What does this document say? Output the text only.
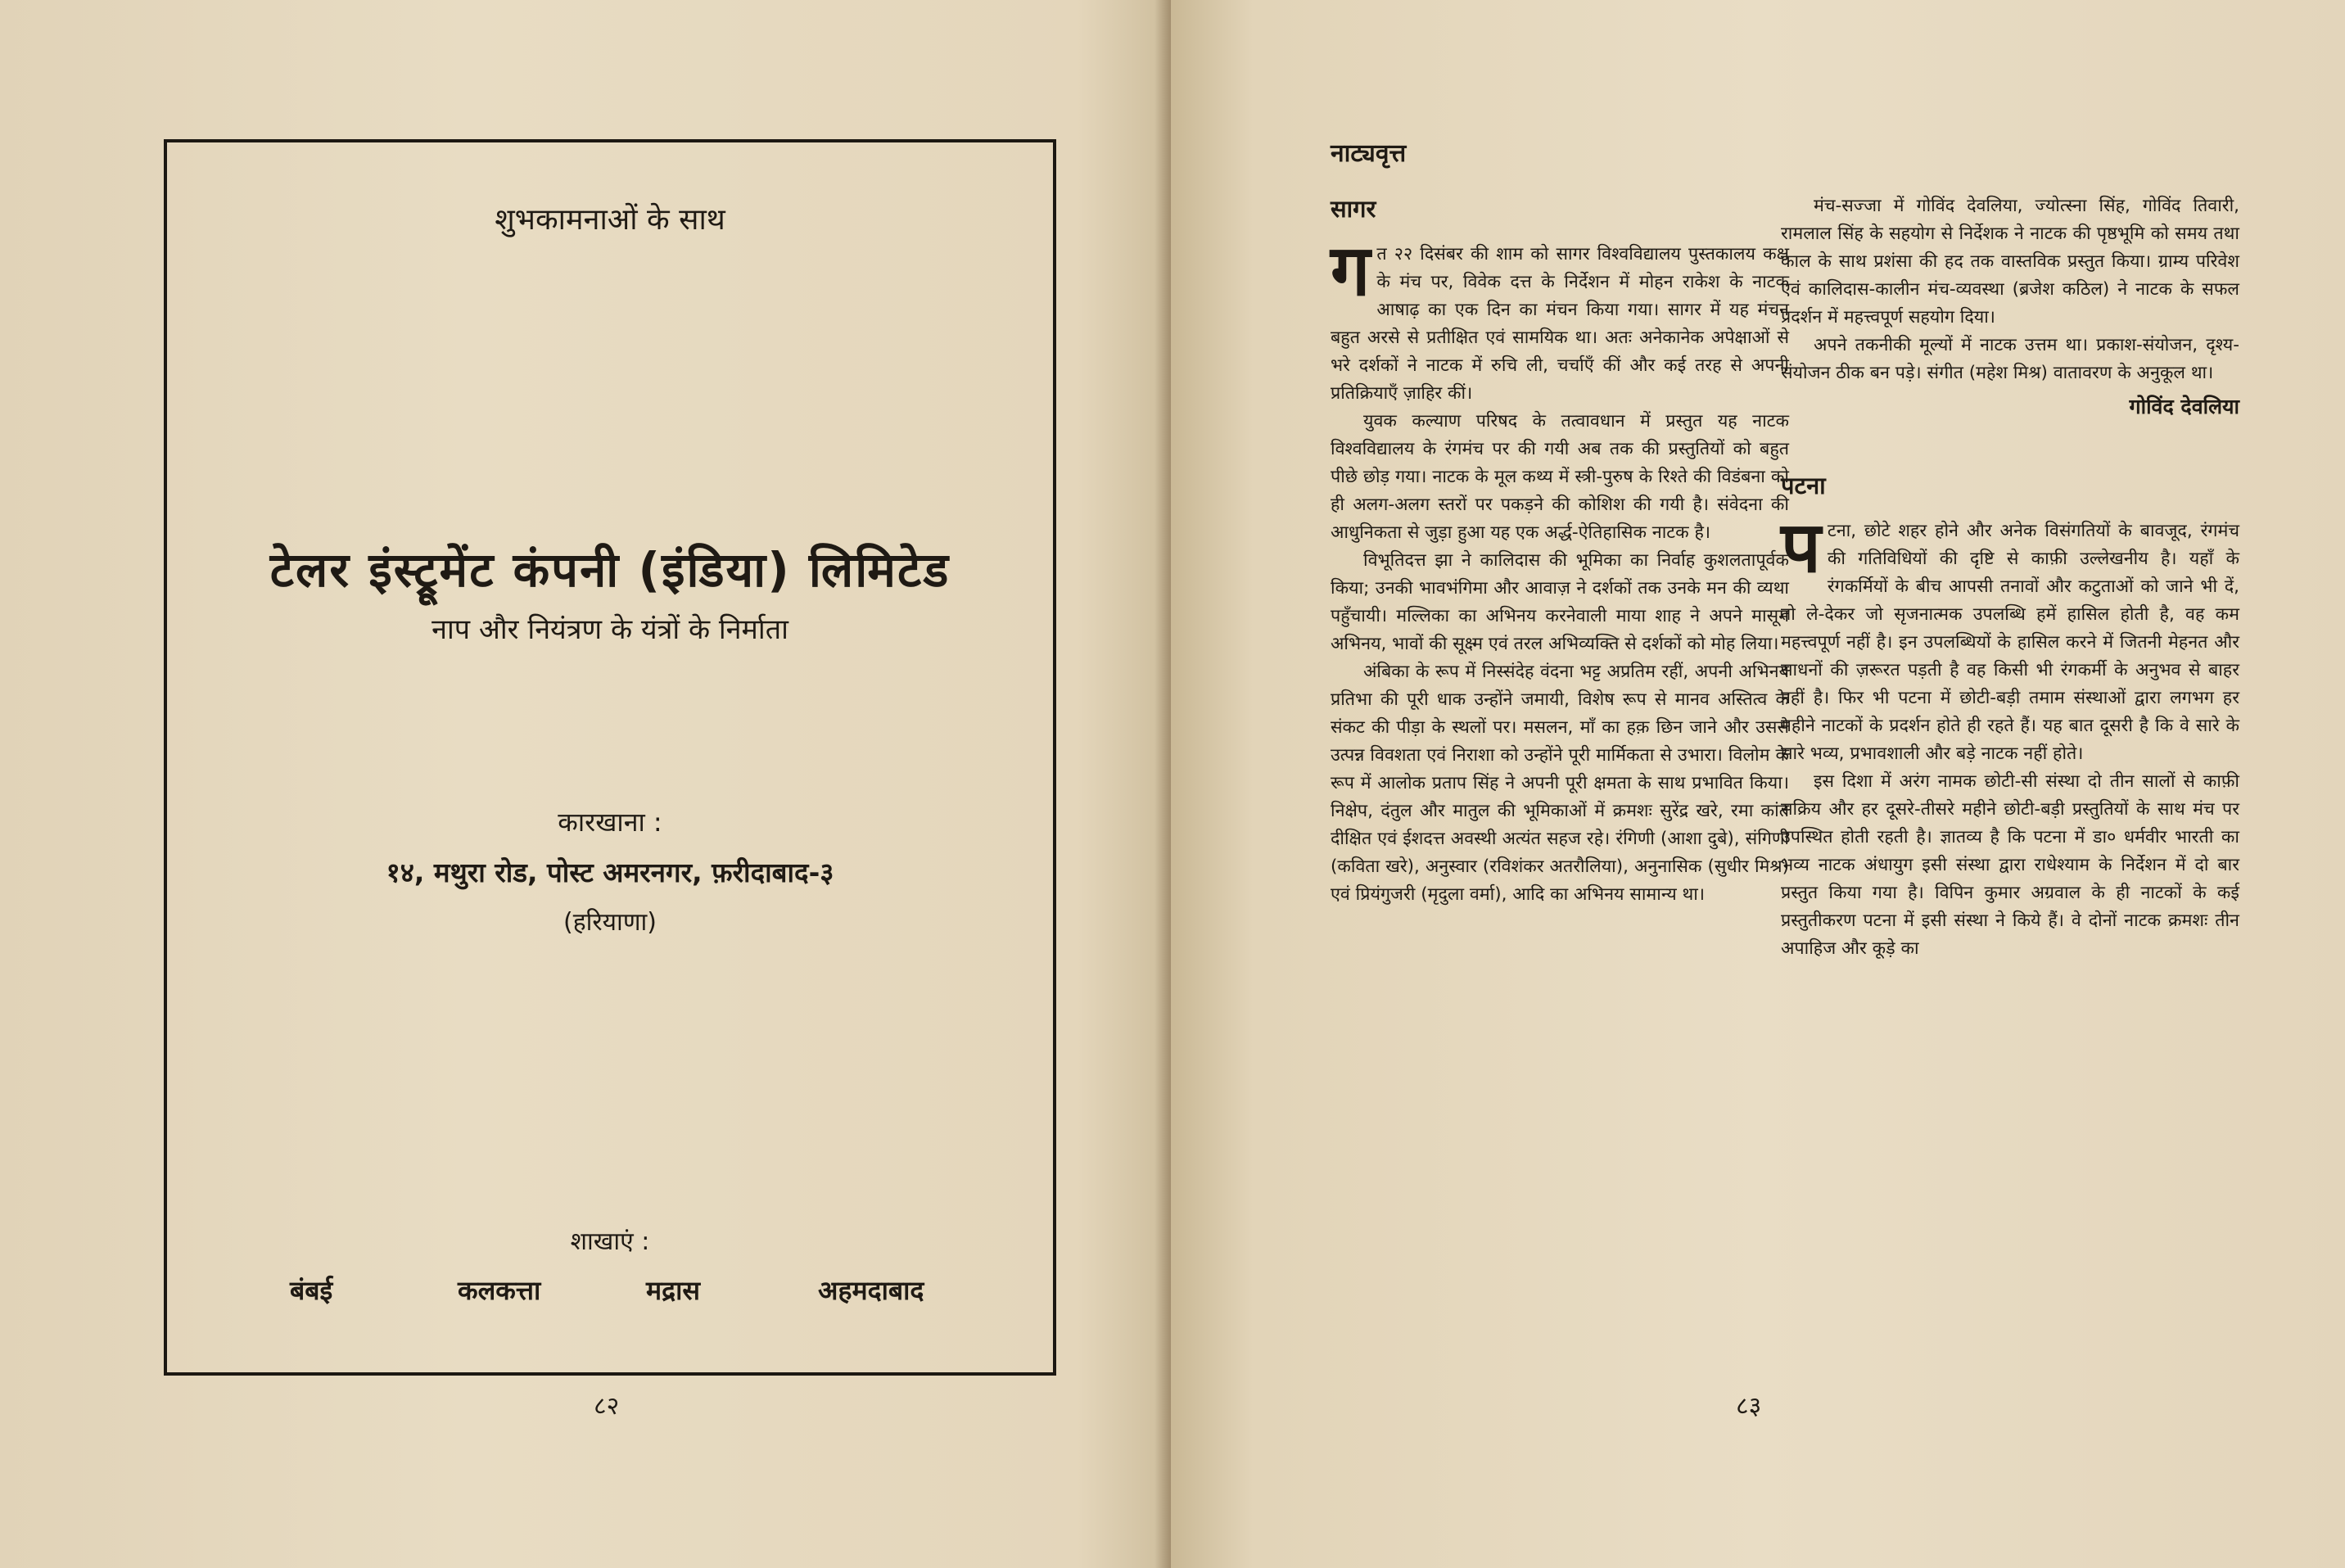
शुभकामनाओं के साथ
टेलर इंस्ट्रूमेंट कंपनी (इंडिया) लिमिटेड
नाप और नियंत्रण के यंत्रों के निर्माता
कारखाना :
१४, मथुरा रोड, पोस्ट अमरनगर, फ़रीदाबाद-३
(हरियाणा)
शाखाएं :
बंबई	कलकत्ता	मद्रास	अहमदाबाद
८२
नाट्यवृत्त
सागर

गत २२ दिसंबर की शाम को सागर विश्वविद्यालय पुस्तकालय कक्ष के मंच पर, विवेक दत्त के निर्देशन में मोहन राकेश के नाटक आषाढ़ का एक दिन का मंचन किया गया। सागर में यह मंचन बहुत अरसे से प्रतीक्षित एवं सामयिक था। अतः अनेकानेक अपेक्षाओं से भरे दर्शकों ने नाटक में रुचि ली, चर्चाएँ कीं और कई तरह से अपनी प्रतिक्रियाएँ ज़ाहिर कीं।

युवक कल्याण परिषद के तत्वावधान में प्रस्तुत यह नाटक विश्वविद्यालय के रंगमंच पर की गयी अब तक की प्रस्तुतियों को बहुत पीछे छोड़ गया। नाटक के मूल कथ्य में स्त्री-पुरुष के रिश्ते की विडंबना को ही अलग-अलग स्तरों पर पकड़ने की कोशिश की गयी है। संवेदना की आधुनिकता से जुड़ा हुआ यह एक अर्द्ध-ऐतिहासिक नाटक है।

विभूतिदत्त झा ने कालिदास की भूमिका का निर्वाह कुशलतापूर्वक किया; उनकी भावभंगिमा और आवाज़ ने दर्शकों तक उनके मन की व्यथा पहुँचायी। मल्लिका का अभिनय करनेवाली माया शाह ने अपने मासूम अभिनय, भावों की सूक्ष्म एवं तरल अभिव्यक्ति से दर्शकों को मोह लिया।

अंबिका के रूप में निस्संदेह वंदना भट्ट अप्रतिम रहीं, अपनी अभिनय प्रतिभा की पूरी धाक उन्होंने जमायी, विशेष रूप से मानव अस्तित्व के संकट की पीड़ा के स्थलों पर। मसलन, माँ का हक़ छिन जाने और उससे उत्पन्न विवशता एवं निराशा को उन्होंने पूरी मार्मिकता से उभारा। विलोम के रूप में आलोक प्रताप सिंह ने अपनी पूरी क्षमता के साथ प्रभावित किया। निक्षेप, दंतुल और मातुल की भूमिकाओं में क्रमशः सुरेंद्र खरे, रमा कांत दीक्षित एवं ईशदत्त अवस्थी अत्यंत सहज रहे। रंगिणी (आशा दुबे), संगिणी (कविता खरे), अनुस्वार (रविशंकर अतरौलिया), अनुनासिक (सुधीर मिश्र) एवं प्रियंगुजरी (मृदुला वर्मा), आदि का अभिनय सामान्य था।

मंच-सज्जा में गोविंद देवलिया, ज्योत्स्ना सिंह, गोविंद तिवारी, रामलाल सिंह के सहयोग से निर्देशक ने नाटक की पृष्ठभूमि को समय तथा काल के साथ प्रशंसा की हद तक वास्तविक प्रस्तुत किया। ग्राम्य परिवेश एवं कालिदास-कालीन मंच-व्यवस्था (ब्रजेश कठिल) ने नाटक के सफल प्रदर्शन में महत्त्वपूर्ण सहयोग दिया।

अपने तकनीकी मूल्यों में नाटक उत्तम था। प्रकाश-संयोजन, दृश्य-संयोजन ठीक बन पड़े। संगीत (महेश मिश्र) वातावरण के अनुकूल था।

गोविंद देवलिया
पटना

पटना, छोटे शहर होने और अनेक विसंगतियों के बावजूद, रंगमंच की गतिविधियों की दृष्टि से काफ़ी उल्लेखनीय है। यहाँ के रंगकर्मियों के बीच आपसी तनावों और कटुताओं को जाने भी दें, तो ले-देकर जो सृजनात्मक उपलब्धि हमें हासिल होती है, वह कम महत्त्वपूर्ण नहीं है। इन उपलब्धियों के हासिल करने में जितनी मेहनत और साधनों की ज़रूरत पड़ती है वह किसी भी रंगकर्मी के अनुभव से बाहर नहीं है। फिर भी पटना में छोटी-बड़ी तमाम संस्थाओं द्वारा लगभग हर महीने नाटकों के प्रदर्शन होते ही रहते हैं। यह बात दूसरी है कि वे सारे के सारे भव्य, प्रभावशाली और बड़े नाटक नहीं होते।

इस दिशा में अरंग नामक छोटी-सी संस्था दो तीन सालों से काफ़ी सक्रिय और हर दूसरे-तीसरे महीने छोटी-बड़ी प्रस्तुतियों के साथ मंच पर उपस्थित होती रहती है। ज्ञातव्य है कि पटना में डा० धर्मवीर भारती का भव्य नाटक अंधायुग इसी संस्था द्वारा राधेश्याम के निर्देशन में दो बार प्रस्तुत किया गया है। विपिन कुमार अग्रवाल के ही नाटकों के कई प्रस्तुतीकरण पटना में इसी संस्था ने किये हैं। वे दोनों नाटक क्रमशः तीन अपाहिज और कूड़े का

८३
